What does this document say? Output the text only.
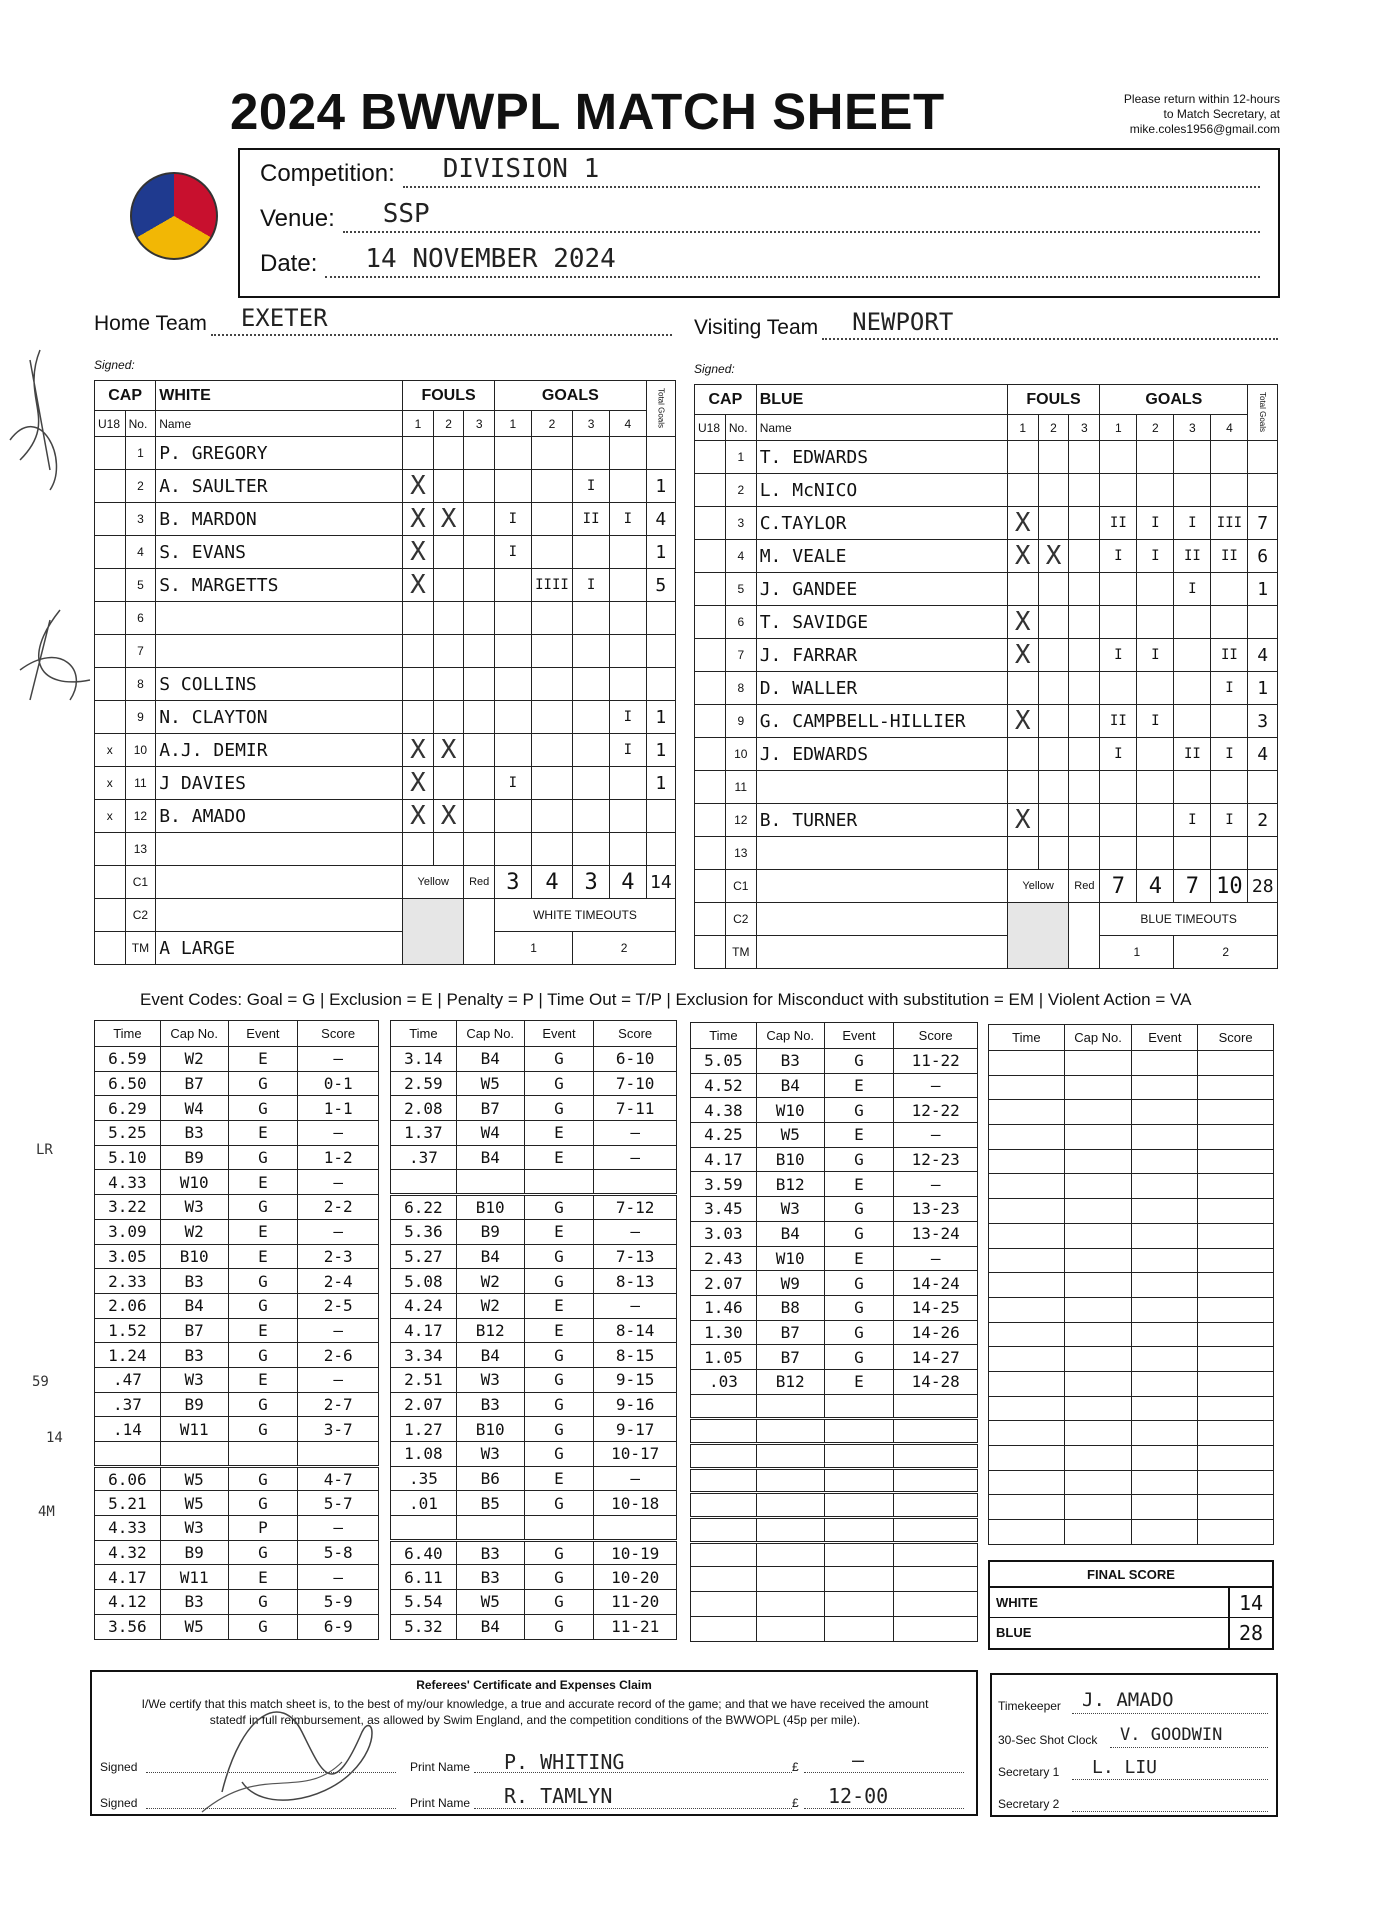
2024 BWWPL MATCH SHEET	Please return within 12-hours
to Match Secretary, at
mike.coles1956@gmail.com
Competition: DIVISION 1
Venue: SSP
Date: 14 NOVEMBER 2024
Home Team EXETER
Signed:
Visiting Team NEWPORT
Signed:
CAP		WHITE	FOULS			GOALS				Total Goals
U18	No.	Name	1	2	3	1	2	3	4	
	1	P. GREGORY								
	2	A. SAULTER	X					I		1
	3	B. MARDON	X	X		I		II	I	4
	4	S. EVANS	X			I				1
	5	S. MARGETTS	X				IIII	I		5
	6									
	7									
	8	S COLLINS								
	9	N. CLAYTON							I	1
x	10	A.J. DEMIR	X	X					I	1
x	11	J DAVIES	X			I				1
x	12	B. AMADO	X	X						
	13									
	C1		Yellow		Red	3	4	3	4	14
	C2					WHITE TIMEOUTS				
	TM	A LARGE				1		2		
CAP		BLUE	FOULS			GOALS				Total Goals
U18	No.	Name	1	2	3	1	2	3	4	
	1	T. EDWARDS								
	2	L. McNICO								
	3	C.TAYLOR	X			II	I	I	III	7
	4	M. VEALE	X	X		I	I	II	II	6
	5	J. GANDEE						I		1
	6	T. SAVIDGE	X							
	7	J. FARRAR	X			I	I		II	4
	8	D. WALLER							I	1
	9	G. CAMPBELL-HILLIER	X			II	I			3
	10	J. EDWARDS				I		II	I	4
	11									
	12	B. TURNER	X					I	I	2
	13									
	C1		Yellow		Red	7	4	7	10	28
	C2					BLUE TIMEOUTS				
	TM					1		2		
Event Codes: Goal = G | Exclusion = E | Penalty = P | Time Out = T/P | Exclusion for Misconduct with substitution = EM | Violent Action = VA
Time	Cap No.	Event	Score
6.59	W2	E	—
6.50	B7	G	0-1
6.29	W4	G	1-1
5.25	B3	E	—
5.10	B9	G	1-2
4.33	W10	E	—
3.22	W3	G	2-2
3.09	W2	E	—
3.05	B10	E	2-3
2.33	B3	G	2-4
2.06	B4	G	2-5
1.52	B7	E	—
1.24	B3	G	2-6
.47	W3	E	—
.37	B9	G	2-7
.14	W11	G	3-7

6.06	W5	G	4-7
5.21	W5	G	5-7
4.33	W3	P	—
4.32	B9	G	5-8
4.17	W11	E	—
4.12	B3	G	5-9
3.56	W5	G	6-9
Time	Cap No.	Event	Score
3.14	B4	G	6-10
2.59	W5	G	7-10
2.08	B7	G	7-11
1.37	W4	E	—
.37	B4	E	—

6.22	B10	G	7-12
5.36	B9	E	—
5.27	B4	G	7-13
5.08	W2	G	8-13
4.24	W2	E	—
4.17	B12	E	8-14
3.34	B4	G	8-15
2.51	W3	G	9-15
2.07	B3	G	9-16
1.27	B10	G	9-17
1.08	W3	G	10-17
.35	B6	E	—
.01	B5	G	10-18

6.40	B3	G	10-19
6.11	B3	G	10-20
5.54	W5	G	11-20
5.32	B4	G	11-21
Time	Cap No.	Event	Score
5.05	B3	G	11-22
4.52	B4	E	—
4.38	W10	G	12-22
4.25	W5	E	—
4.17	B10	G	12-23
3.59	B12	E	—
3.45	W3	G	13-23
3.03	B4	G	13-24
2.43	W10	E	—
2.07	W9	G	14-24
1.46	B8	G	14-25
1.30	B7	G	14-26
1.05	B7	G	14-27
.03	B12	E	14-28

Time	Cap No.	Event	Score

FINAL SCORE
WHITE	14
BLUE	28
Referees' Certificate and Expenses Claim
I/We certify that this match sheet is, to the best of my/our knowledge, a true and accurate record of the game; and that we have received the amount
statedf in full reimbursement, as allowed by Swim England, and the competition conditions of the BWWOPL (45p per mile).
Signed	Print Name P. WHITING	£	—
Signed	Print Name R. TAMLYN	£ 12-00
Timekeeper J. AMADO
30-Sec Shot Clock V. GOODWIN
Secretary 1 L. LIU
Secretary 2
LR
59
14
4M
